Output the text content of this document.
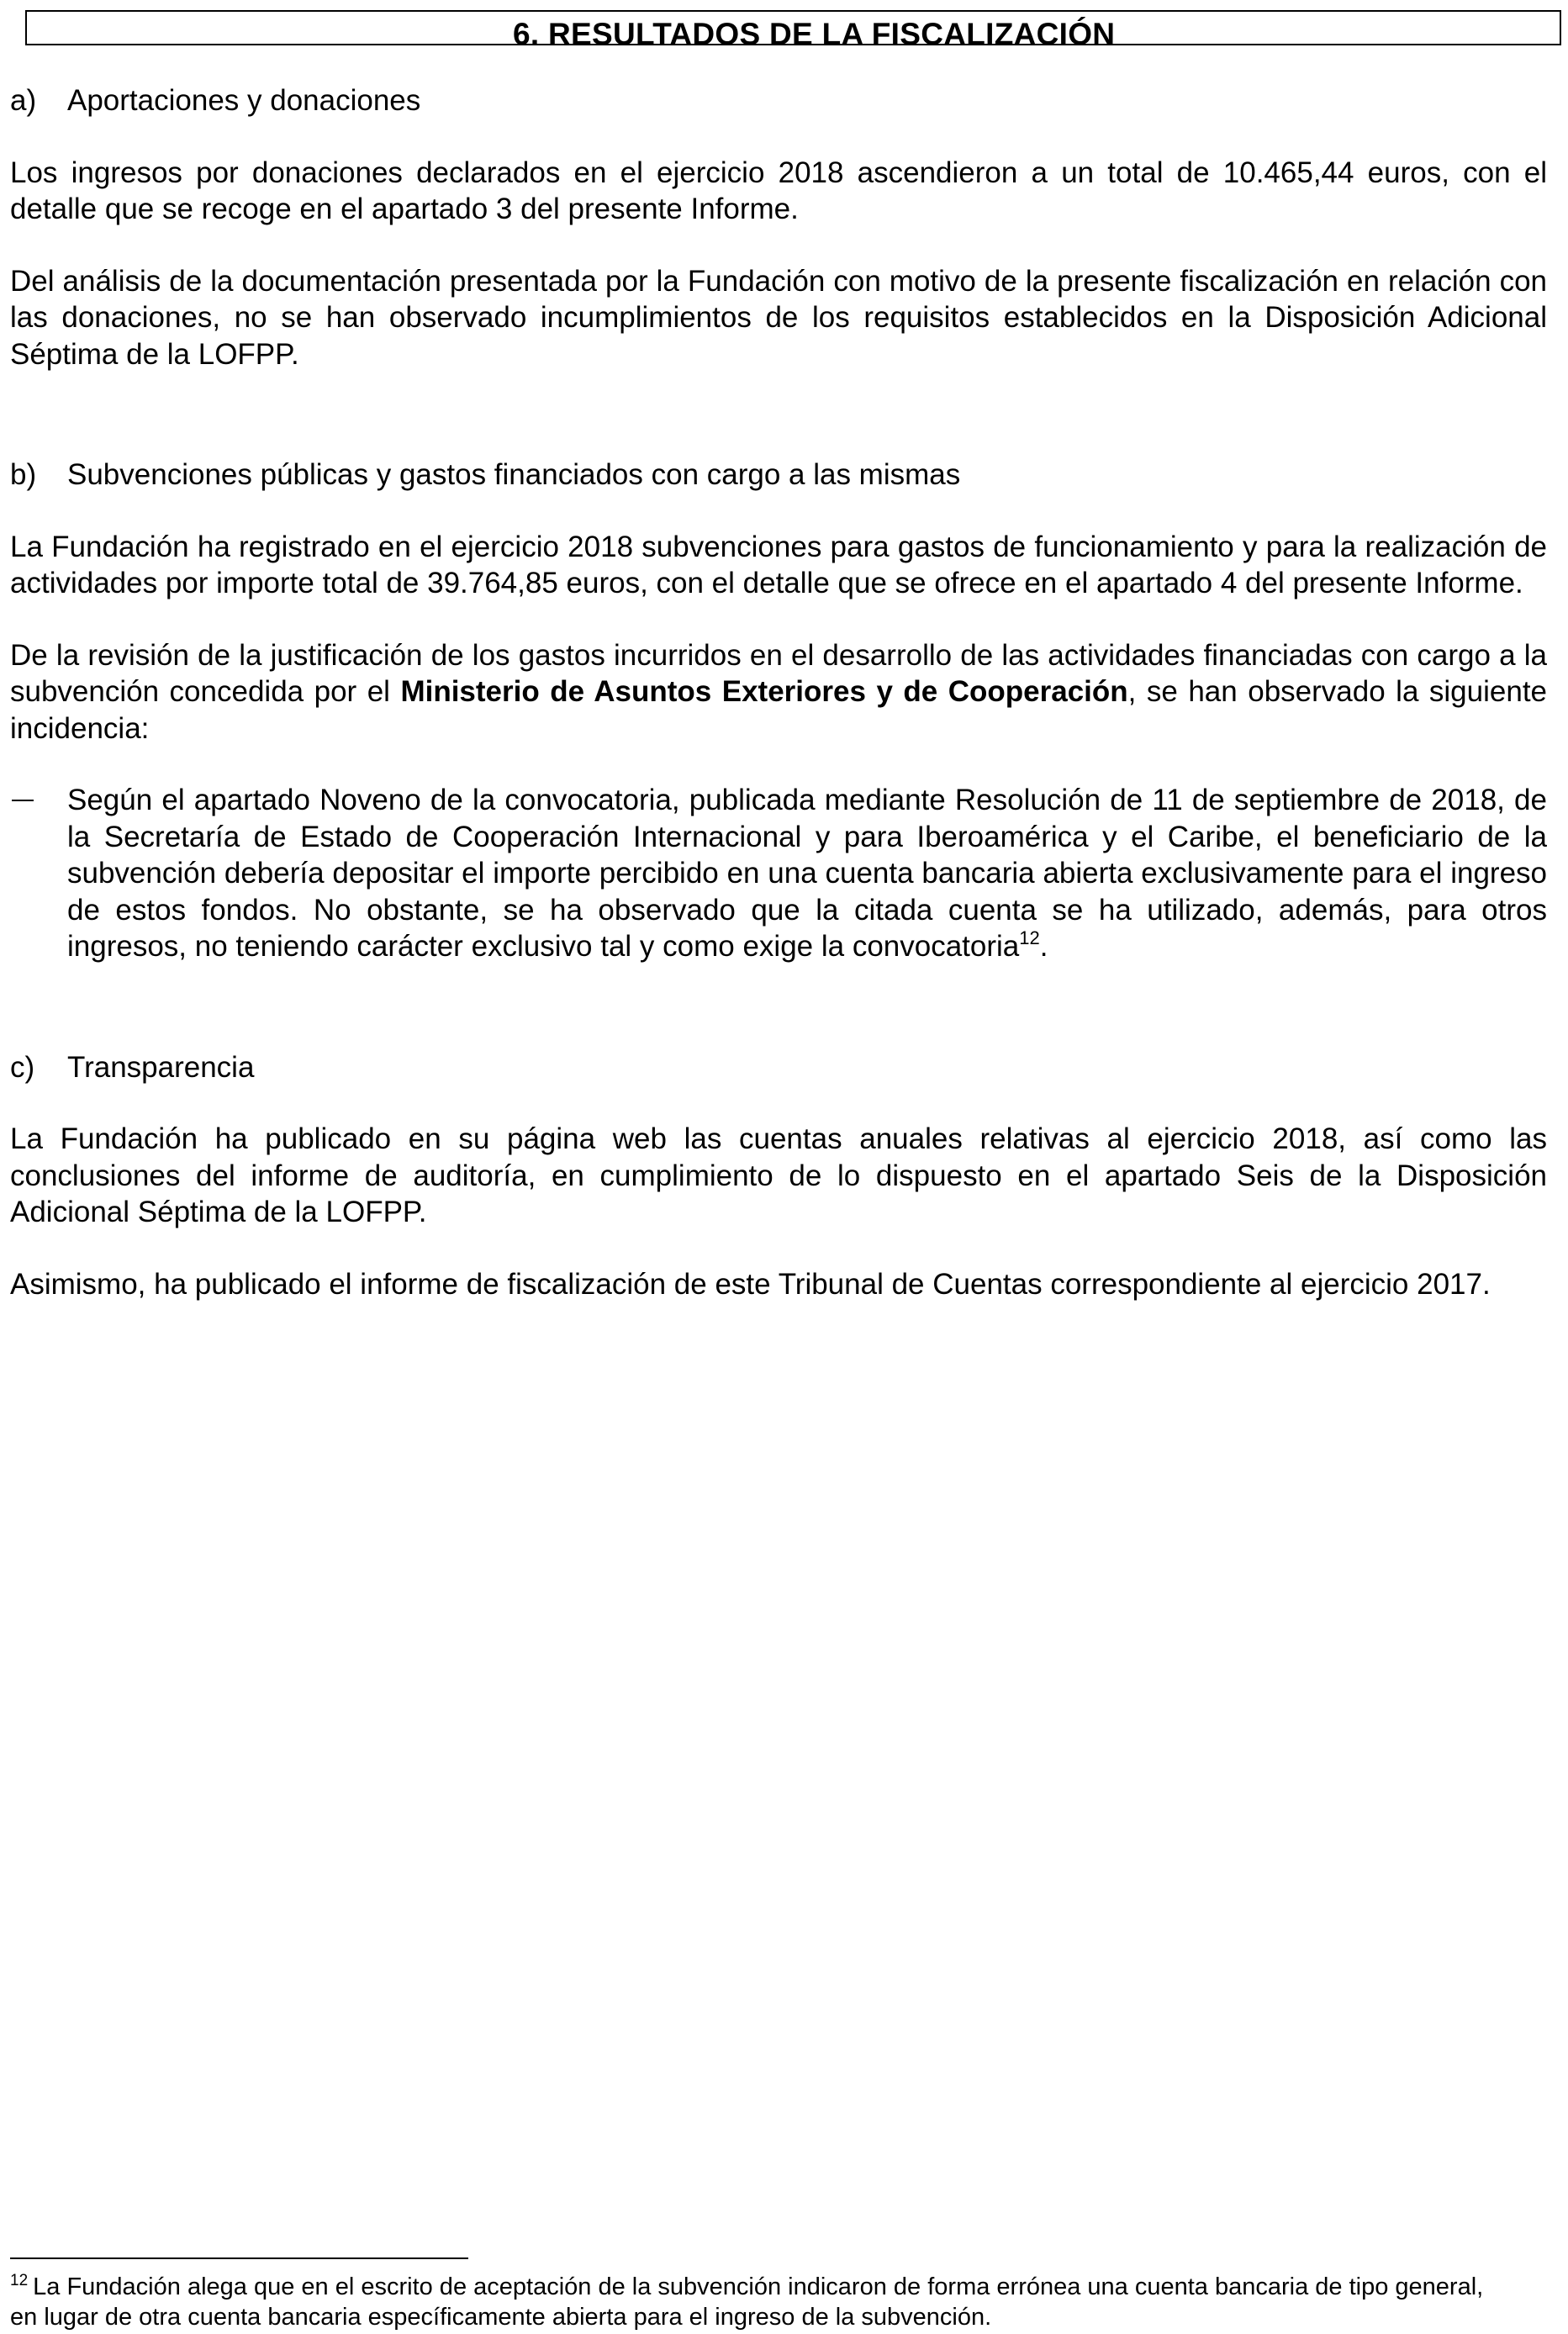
6. RESULTADOS DE LA FISCALIZACIÓN
a)	Aportaciones y donaciones

Los ingresos por donaciones declarados en el ejercicio 2018 ascendieron a un total de 10.465,44 euros, con el detalle que se recoge en el apartado 3 del presente Informe.

Del análisis de la documentación presentada por la Fundación con motivo de la presente fiscalización en relación con las donaciones, no se han observado incumplimientos de los requisitos establecidos en la Disposición Adicional Séptima de la LOFPP.

b)	Subvenciones públicas y gastos financiados con cargo a las mismas

La Fundación ha registrado en el ejercicio 2018 subvenciones para gastos de funcionamiento y para la realización de actividades por importe total de 39.764,85 euros, con el detalle que se ofrece en el apartado 4 del presente Informe.

De la revisión de la justificación de los gastos incurridos en el desarrollo de las actividades financiadas con cargo a la subvención concedida por el Ministerio de Asuntos Exteriores y de Cooperación, se han observado la siguiente incidencia:

Según el apartado Noveno de la convocatoria, publicada mediante Resolución de 11 de septiembre de 2018, de la Secretaría de Estado de Cooperación Internacional y para Iberoamérica y el Caribe, el beneficiario de la subvención debería depositar el importe percibido en una cuenta bancaria abierta exclusivamente para el ingreso de estos fondos. No obstante, se ha observado que la citada cuenta se ha utilizado, además, para otros ingresos, no teniendo carácter exclusivo tal y como exige la convocatoria$^{12}$.

c)	Transparencia

La Fundación ha publicado en su página web las cuentas anuales relativas al ejercicio 2018, así como las conclusiones del informe de auditoría, en cumplimiento de lo dispuesto en el apartado Seis de la Disposición Adicional Séptima de la LOFPP.

Asimismo, ha publicado el informe de fiscalización de este Tribunal de Cuentas correspondiente al ejercicio 2017.

$^{12}$ La Fundación alega que en el escrito de aceptación de la subvención indicaron de forma errónea una cuenta bancaria de tipo general, en lugar de otra cuenta bancaria específicamente abierta para el ingreso de la subvención.
